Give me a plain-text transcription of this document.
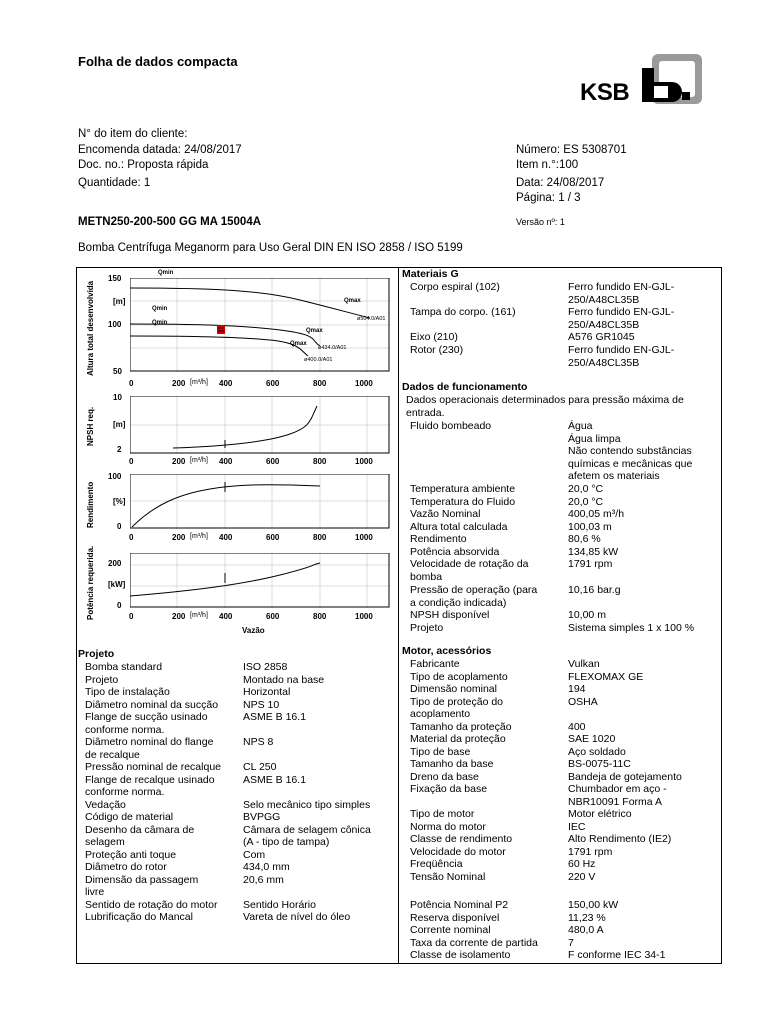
Folha de dados compacta
KSB
N° do item do cliente:
Encomenda datada: 24/08/2017
Doc. no.: Proposta rápida
Quantidade: 1
Número: ES 5308701
Item n.°:100
Data: 24/08/2017
Página: 1 / 3
Versão nº: 1
METN250-200-500 GG MA 15004A
Bomba Centrífuga Meganorm para Uso Geral DIN EN ISO 2858 / ISO 5199
Altura total desenvolvida
150
[m]
100
50
Qmin
Qmin
Qmin
Qmax
Qmax
Qmax
ø504.0/A01
ø434.0/A01
ø400.0/A01
0	200 [m³/h] 400	600	800	1000
NPSH req.
10
[m]
2
0	200 [m³/h] 400	600	800	1000
Rendimento
100
[%]
0
0	200 [m³/h] 400	600	800	1000
Potência requerida. 200
[kW]
0
0	200 [m³/h] 400	600	800	1000
Vazão
Projeto
Bomba standard	ISO 2858
Projeto	Montado na base
Tipo de instalação	Horizontal
Diâmetro nominal da sucção NPS 10
Flange de sucção usinado	ASME B 16.1
conforme norma.
Diâmetro nominal do flange	NPS 8
de recalque
Pressão nominal de recalque CL 250
Flange de recalque usinado	ASME B 16.1
conforme norma.
Vedação	Selo mecânico tipo simples
Código de material	BVPGG
Desenho da câmara de	Câmara de selagem cônica
selagem	(A - tipo de tampa)
Proteção anti toque	Com
Diâmetro do rotor	434,0 mm
Dimensão da passagem	20,6 mm
livre
Sentido de rotação do motor Sentido Horário
Lubrificação do Mancal	Vareta de nível do óleo
Materiais G
Corpo espiral (102)	Ferro fundido EN-GJL-
250/A48CL35B
Tampa do corpo. (161)	Ferro fundido EN-GJL-
250/A48CL35B
Eixo (210)	A576 GR1045
Rotor (230)	Ferro fundido EN-GJL-
250/A48CL35B
Dados de funcionamento
Dados operacionais determinados para pressão máxima de
entrada.
Fluido bombeado	Água
Água limpa
Não contendo substâncias
químicas e mecânicas que
afetem os materiais
Temperatura ambiente	20,0 °C
Temperatura do Fluido	20,0 °C
Vazão Nominal	400,05 m³/h
Altura total calculada	100,03 m
Rendimento	80,6 %
Potência absorvida	134,85 kW
Velocidade de rotação da
bomba
1791 rpm
Pressão de operação (para
a condição indicada)
10,16 bar.g
NPSH disponível	10,00 m
Projeto	Sistema simples 1 x 100 %
Motor, acessórios
Fabricante	Vulkan
Tipo de acoplamento	FLEXOMAX GE
Dimensão nominal	194
Tipo de proteção do	OSHA
acoplamento
Tamanho da proteção	400
Material da proteção	SAE 1020
Tipo de base	Aço soldado
Tamanho da base	BS-0075-11C
Dreno da base	Bandeja de gotejamento
Fixação da base	Chumbador em aço -
NBR10091 Forma A
Tipo de motor	Motor elétrico
Norma do motor	IEC
Classe de rendimento	Alto Rendimento (IE2)
Velocidade do motor	1791 rpm
Freqüência	60 Hz
Tensão Nominal	220 V
Potência Nominal P2	150,00 kW
Reserva disponível	11,23 %
Corrente nominal	480,0 A
Taxa da corrente de partida	7
Classe de isolamento	F conforme IEC 34-1
